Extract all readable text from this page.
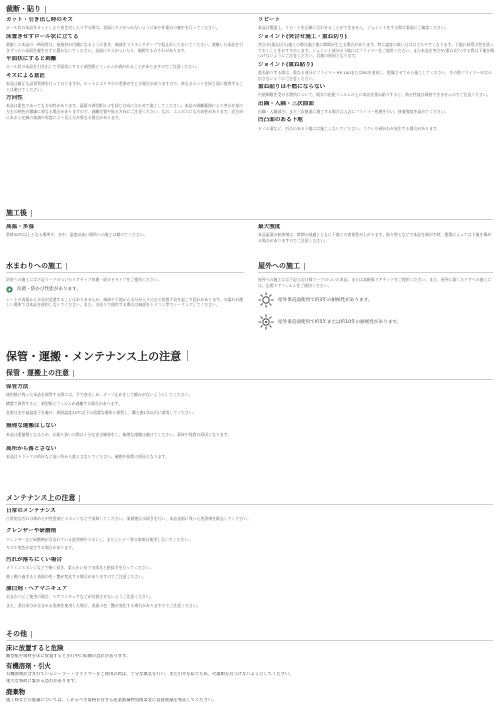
裁断・貼り
カット・引き出し時のキズ
ロール状の本品をカットしたり巻き戻したりする際は、表面にキズがつかないように床や作業台の養生を行ってください。
床置きせずロール状に立てる
裁断した本品の一時保管は、屋根材が内側になるように巻き、端部をマスキングテープで仮止めしておいてください。裁断した本品を引きずったり床面を養生せずに置かないでください。表面にキズがついたり、破損するおそれがあります。
平面状にすると剥離
ロール状の本品を引き出して平面状にすると剥型紙とフィルムが剥がれることがありますのでご注意ください。
キズによる意匠
本品は厳正な品質管理を行っておりますが、ロットにより多少の差異が生じる場合がありますので、異なるロットを同じ面に使用することは避けてください。
方向性
本品は素色であっても方向性があります。裏面の剥型紙ロゴを同じ方向に合わせて施工してください。本品の剥離範囲により突合せ部の左右の柄色が微細に異なる場合がありますので、剥離位置や貼る方向にご注意ください。なお、エンボスにも方向性があります。近方向にあると光線の加減や角度により見え方が異なる場合があります。
リピート
本品は製造上、リピートを正確に合わせることができません。ジョイントをする際は事前にご確認ください。
ジョイント(突合せ施工・重ね切り)
突合せ(重ね切り)施工の際は施工後に隙間が生じる場合があります。特に温度の低い日は日立ちやすくなります。下地に同系の色を塗っておくことをおすすめします。ジョイント部分の下地にはプライマーをご使用ください。また本品を突合せ(重ね切り)する際は下地を傷つけないようにご注意ください。目地の原因となります。
ジョイント(重ね貼り)
重ね貼りする際は、重なる部分にプライマー RP-100またはRSを塗布し、乾燥させてから施工してください。その際プライマーがはみ出さないようにご注意ください。
重ね貼りは不燃にならない
内装制限を受ける箇所について、既存の化粧フィルムの上に本品を重ね貼りすると、防火性能は保持できませんのでご注意ください。
出隅・入隅・三次曲面
出隅・入隅部分、また三次曲面に施工する場合は入念にプライマー処理を行い、接着強度を高めてください。
凹凸面のある下地
タイル面など、凹凸のある下地には施工しないでください。フクレや剥がれが発生する場合があります。
施工後
高温・多湿
常時50℃以上となる場所や、水中、湿度が高い場所への施工は避けてください。
最大強度
本品裏面の粘着剤は、時間の経過とともに下地との密着性が上がります。貼り替えなどで本品を剥がす時、建築によっては下地を傷める場合がありますのでご注意ください。
水まわりへの施工	屋外への施工
浴室への施工には下記マークのついたリアテック抗菌・防カビタイプをご使用ください。
抗菌・防かび性能があります。
シートの表面から水分が浸透することはありませんが、端部や下地から水分が入り込むと装着不良を起こす恐れがあります。水濡れが激しい場所では本品を使用しないでください。また、水回りで使用する場合は端部をシリコン等でシーリングしてください。
屋外への施工には下記のお日様マークのついた本品、または高耐候リアテックをご使用ください。また、屋外に面したドアへの施工には、玄関ドアフィルムをご使用ください。
屋外垂直面使用で約3年の耐候性があります。
屋外垂直面使用で約5年または約10年の耐候性があります。
保管・運搬・メンテナンス上の注意
保管・運搬上の注意
保管方法
使用後に残った本品を保管する際には、手で巻きしめ、テープ止めをして緩みがないようにしてください。
横置で保管すると、剥型紙とフィルムが剥離する場合があります。
直射日光や高温度下を避け、周囲温度35℃以下の清潔な場所に保管し、購入後1年以内に使用してください。
無理な運搬はしない
本品は重量物となるため、お取り扱いの際は十分な安全確保をし、無理な運搬は避けてください。事故や怪我の原因となります。
高所から落とさない
本品はトラックの荷台など高い所から落とさないでください。破損や怪我の原因となります。
メンテナンス上の注意
日常のメンテナンス
日常的な汚れは薄めた中性洗剤とスポンジなどで清掃してください。清掃後は水拭きを行い、本品表面に残った洗浄剤を除去してください。
クレンザーや研磨剤
クレンザーなど研磨剤が含まれている洗浄剤やスポンジ、またシンナー等の溶剤は使用しないでください。
キズや変色が発生する場合があります。
汚れが落ちにくい場合
メラミンスポンジなどで軽く拭き、柔らかい布で水拭きと乾拭きを行ってください。
強く擦り過ぎると表面の色・艶が変化する場合がありますのでご注意ください。
漂白剤・ヘアマニキュア
水まわりにご使用の場合、ヘアマニキュアなどが付着させないようご注意ください。
また、漂白成分が含まれる洗剤を使用した場合、表面の色・艶が変化する場合がありますのでご注意ください。
その他
床に放置すると危険
離型紙や端材を床に放置すると歩行中に転倒の恐れがあります。
有機溶剤・引火
有機溶剤が含まれているシーラー・プライマーをご使用の際は、十分な換気を行い、また引火を防ぐため、火器類を近づけないようにしてください。
重大な事故に繋がる恐れがあります。
廃棄物
施工時などの廃棄については、しかるべき資格を有する産業廃棄物処理業者に直接廃棄を委託してください。
